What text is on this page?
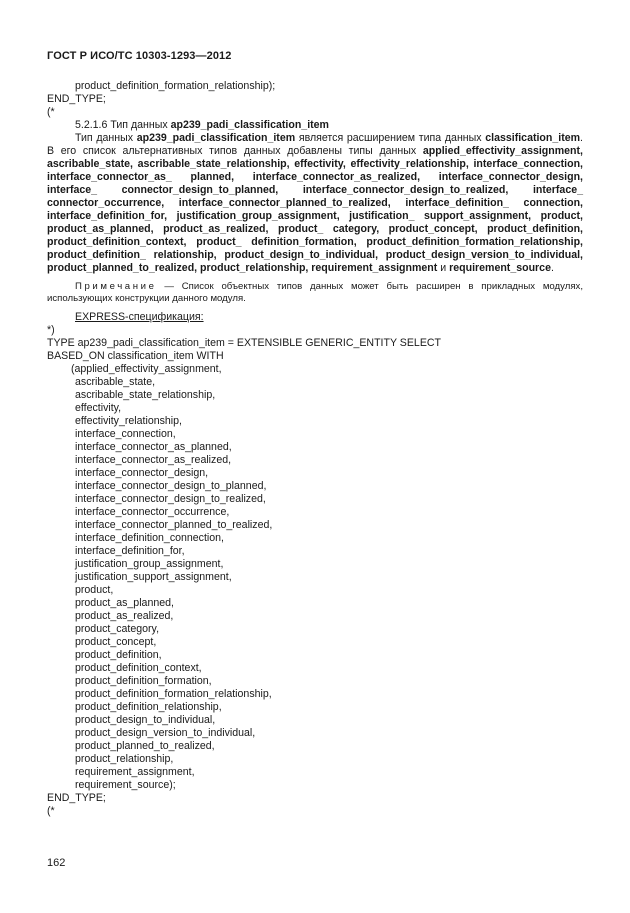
ГОСТ Р ИСО/ТС 10303-1293—2012
product_definition_formation_relationship);
END_TYPE;
(*
5.2.1.6 Тип данных ap239_padi_classification_item

Тип данных ap239_padi_classification_item является расширением типа данных classification_item. В его список альтернативных типов данных добавлены типы данных applied_effectivity_assignment, ascribable_state, ascribable_state_relationship, effectivity, effectivity_relationship, interface_connection, interface_connector_as_ planned, interface_connector_as_realized, interface_connector_design, interface_ connector_design_to_planned, interface_connector_design_to_realized, interface_ connector_occurrence, interface_connector_planned_to_realized, interface_definition_ connection, interface_definition_for, justification_group_assignment, justification_ support_assignment, product, product_as_planned, product_as_realized, product_ category, product_concept, product_definition, product_definition_context, product_ definition_formation, product_definition_formation_relationship, product_definition_ relationship, product_design_to_individual, product_design_version_to_individual, product_planned_to_realized, product_relationship, requirement_assignment и requirement_source.

Примечание — Список объектных типов данных может быть расширен в прикладных модулях, использующих конструкции данного модуля.

EXPRESS-спецификация:
*)
TYPE ap239_padi_classification_item = EXTENSIBLE GENERIC_ENTITY SELECT
BASED_ON classification_item WITH
(applied_effectivity_assignment,
ascribable_state,
ascribable_state_relationship,
effectivity,
effectivity_relationship,
interface_connection,
interface_connector_as_planned,
interface_connector_as_realized,
interface_connector_design,
interface_connector_design_to_planned,
interface_connector_design_to_realized,
interface_connector_occurrence,
interface_connector_planned_to_realized,
interface_definition_connection,
interface_definition_for,
justification_group_assignment,
justification_support_assignment,
product,
product_as_planned,
product_as_realized,
product_category,
product_concept,
product_definition,
product_definition_context,
product_definition_formation,
product_definition_formation_relationship,
product_definition_relationship,
product_design_to_individual,
product_design_version_to_individual,
product_planned_to_realized,
product_relationship,
requirement_assignment,
requirement_source);
END_TYPE;
(*
162
